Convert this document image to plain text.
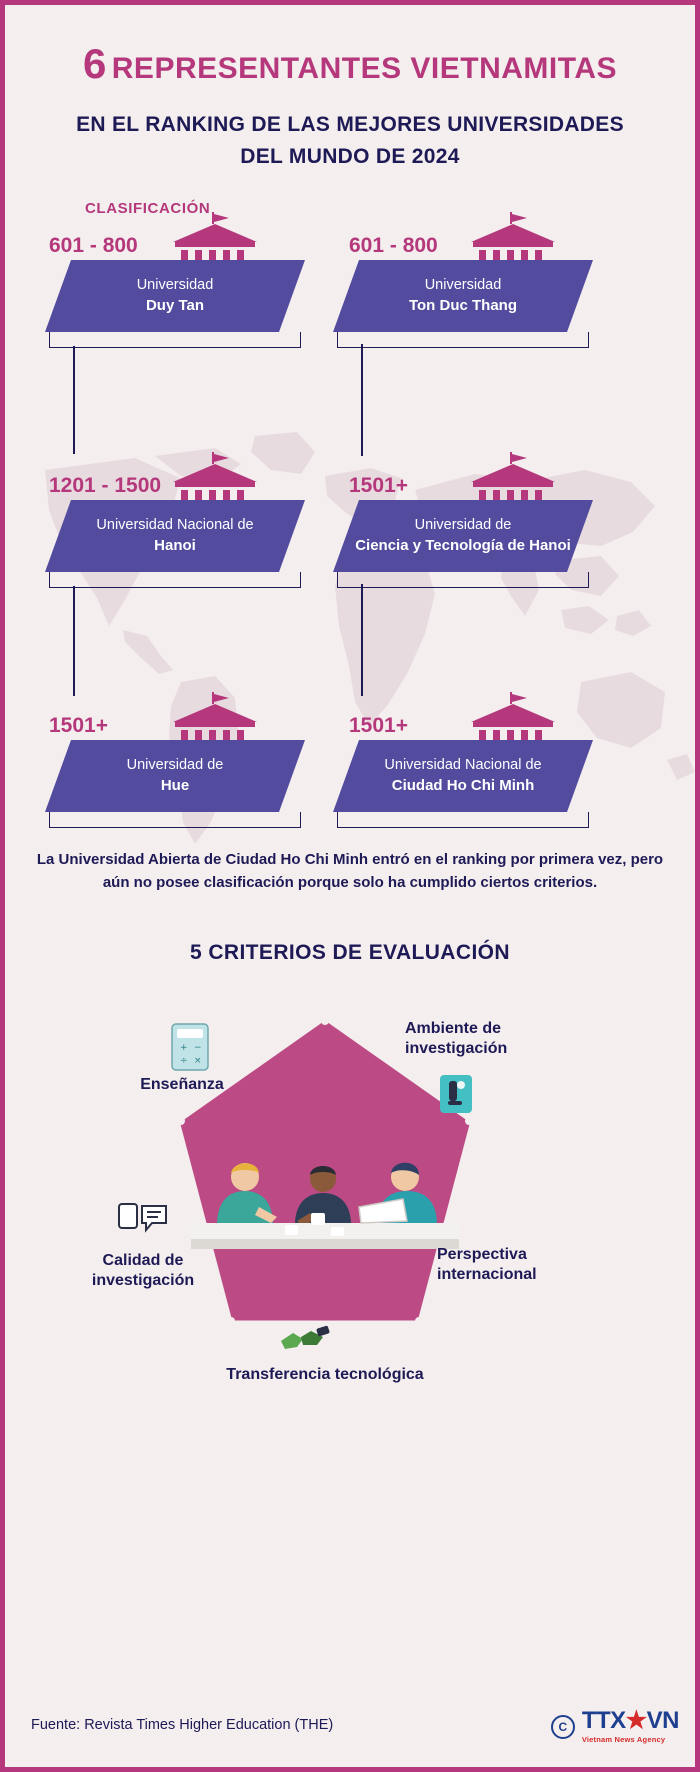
6 REPRESENTANTES VIETNAMITAS
EN EL RANKING DE LAS MEJORES UNIVERSIDADES DEL MUNDO DE 2024
CLASIFICACIÓN
601 - 800
Universidad
Duy Tan
601 - 800
Universidad
Ton Duc Thang
1201 - 1500
Universidad Nacional de
Hanoi
1501+
Universidad de
Ciencia y Tecnología de Hanoi
1501+
Universidad de
Hue
1501+
Universidad Nacional de
Ciudad Ho Chi Minh
La Universidad Abierta de Ciudad Ho Chi Minh entró en el ranking por primera vez, pero aún no posee clasificación porque solo ha cumplido ciertos criterios.
5 CRITERIOS DE EVALUACIÓN
+ −
÷ ×
Enseñanza
Ambiente de investigación
Perspectiva internacional
Transferencia tecnológica
Calidad de investigación
Fuente: Revista Times Higher Education (THE)	C TTX★VN
Vietnam News Agency
